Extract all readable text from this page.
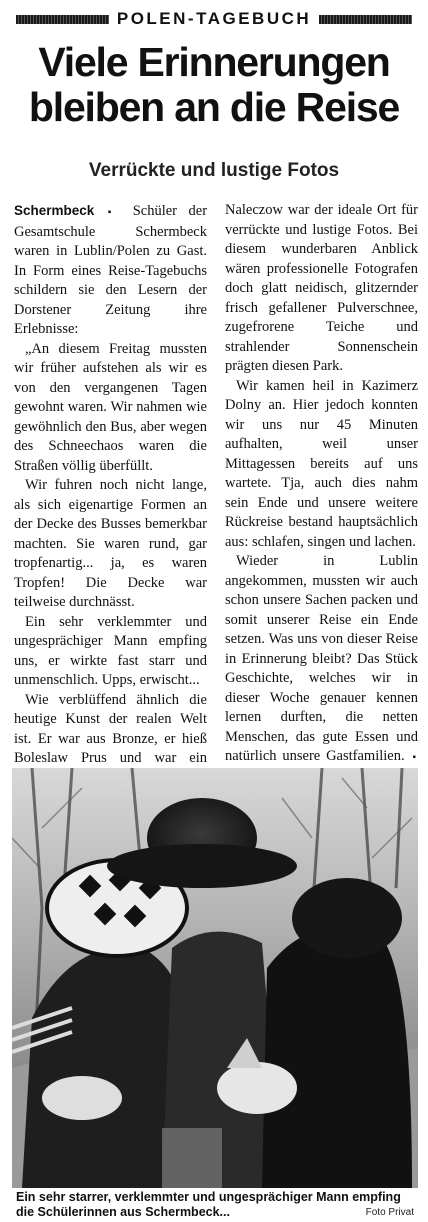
POLEN-TAGEBUCH
Viele Erinnerungen bleiben an die Reise
Verrückte und lustige Fotos

Schermbeck ▪ Schüler der Gesamtschule Schermbeck waren in Lublin/Polen zu Gast. In Form eines Reise-Tagebuchs schildern sie den Lesern der Dorstener Zeitung ihre Erlebnisse:

„An diesem Freitag mussten wir früher aufstehen als wir es von den vergangenen Tagen gewohnt waren. Wir nahmen wie gewöhnlich den Bus, aber wegen des Schneechaos waren die Straßen völlig überfüllt.

Wir fuhren noch nicht lange, als sich eigenartige Formen an der Decke des Busses bemerkbar machten. Sie waren rund, gar tropfenartig... ja, es waren Tropfen! Die Decke war teilweise durchnässt.

Ein sehr verklemmter und ungesprächiger Mann empfing uns, er wirkte fast starr und unmenschlich. Upps, erwischt...

Wie verblüffend ähnlich die heutige Kunst der realen Welt ist. Er war aus Bronze, er hieß Boleslaw Prus und war ein

Naleczow war der ideale Ort für verrückte und lustige Fotos. Bei diesem wunderbaren Anblick wären professionelle Fotografen doch glatt neidisch, glitzernder frisch gefallener Pulverschnee, zugefrorene Teiche und strahlender Sonnenschein prägten diesen Park.

Wir kamen heil in Kazimerz Dolny an. Hier jedoch konnten wir uns nur 45 Minuten aufhalten, weil unser Mittagessen bereits auf uns wartete. Tja, auch dies nahm sein Ende und unsere weitere Rückreise bestand hauptsächlich aus: schlafen, singen und lachen.

Wieder in Lublin angekommen, mussten wir auch schon unsere Sachen packen und somit unserer Reise ein Ende setzen. Was uns von dieser Reise in Erinnerung bleibt? Das Stück Geschichte, welches wir in dieser Woche genauer kennen lernen durften, die netten Menschen, das gute Essen und natürlich unsere Gastfamilien. ▪

Ein sehr starrer, verklemmter und ungesprächiger Mann empfing die Schülerinnen aus Schermbeck...	Foto Privat
